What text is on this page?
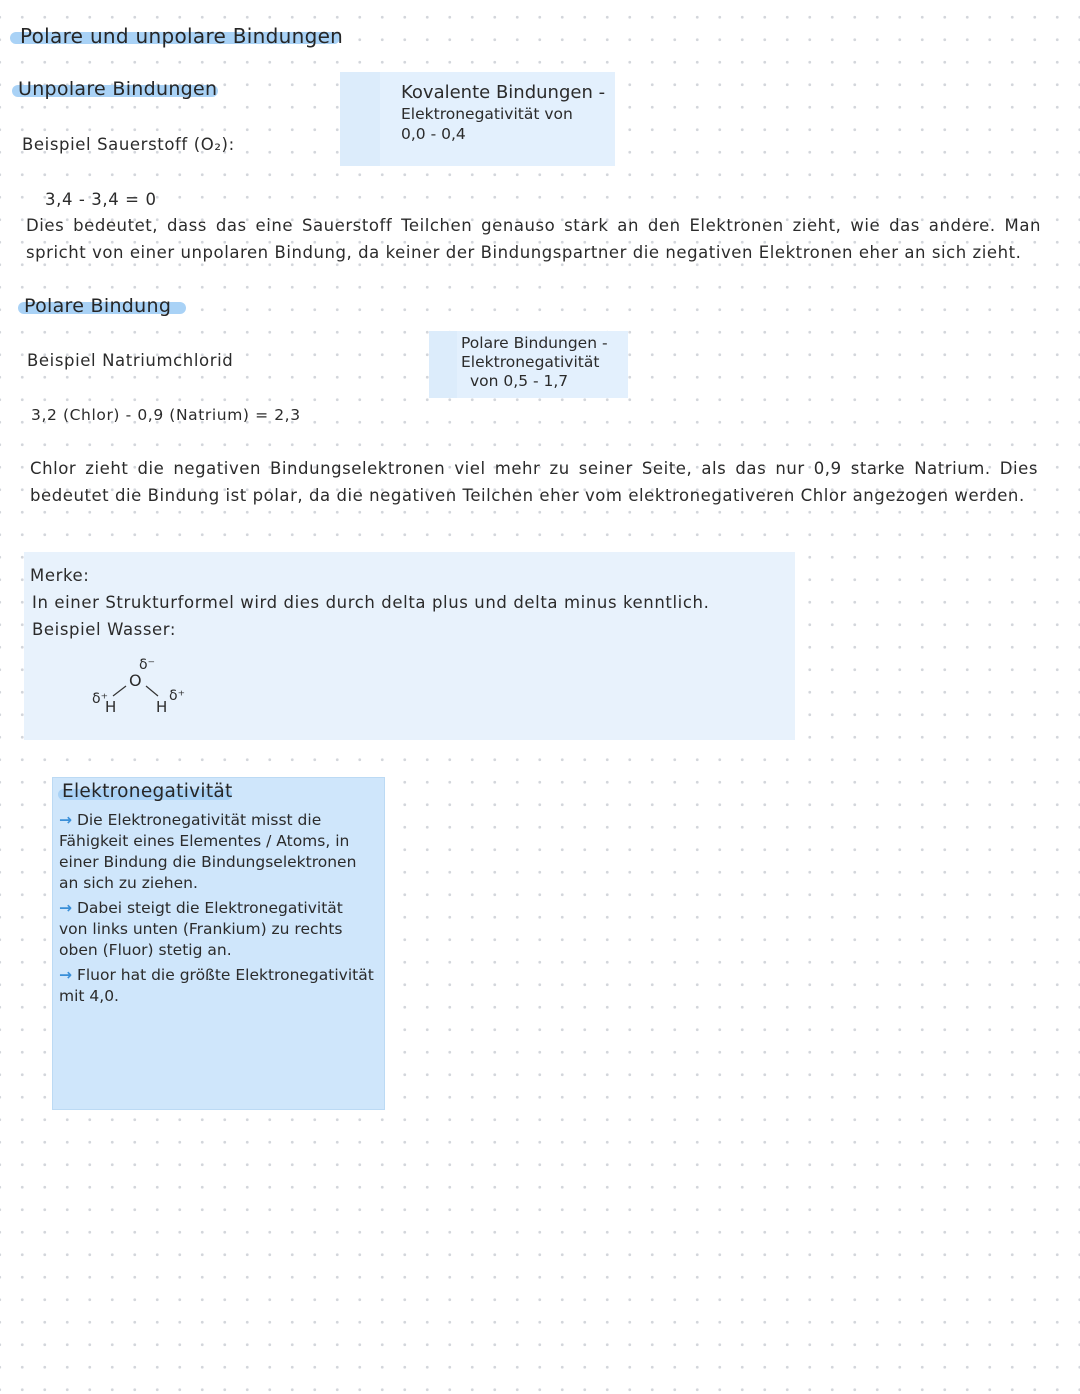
Polare und unpolare Bindungen
Unpolare Bindungen
Beispiel Sauerstoff (O₂):
Kovalente Bindungen -
Elektronegativität von
0,0 - 0,4
3,4 - 3,4 = 0
Dies bedeutet, dass das eine Sauerstoff Teilchen genauso stark an den Elektronen zieht, wie das andere. Man spricht von einer unpolaren Bindung, da keiner der Bindungspartner die negativen Elektronen eher an sich zieht.
Polare Bindung
Beispiel Natriumchlorid
Polare Bindungen -
Elektronegativität
von 0,5 - 1,7
3,2 (Chlor) - 0,9 (Natrium) = 2,3
Chlor zieht die negativen Bindungselektronen viel mehr zu seiner Seite, als das nur 0,9 starke Natrium. Dies bedeutet die Bindung ist polar, da die negativen Teilchen eher vom elektronegativeren Chlor angezogen werden.
Merke:
In einer Strukturformel wird dies durch delta plus und delta minus kenntlich.
Beispiel Wasser:
O
δ⁻
H
δ⁺	H
δ⁺
Elektronegativität
→ Die Elektronegativität misst die Fähigkeit eines Elementes / Atoms, in einer Bindung die Bindungselektronen an sich zu ziehen.
→ Dabei steigt die Elektronegativität von links unten (Frankium) zu rechts oben (Fluor) stetig an.
→ Fluor hat die größte Elektronegativität mit 4,0.
